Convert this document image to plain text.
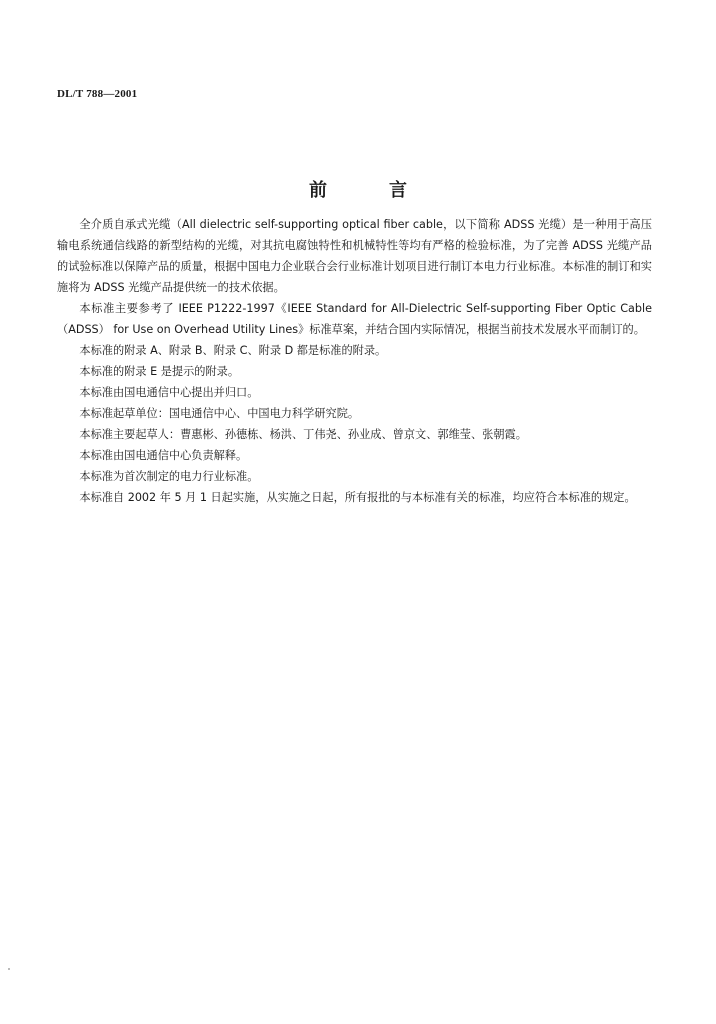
DL/T 788—2001
前	言

全介质自承式光缆（All dielectric self-supporting optical fiber cable，以下简称 ADSS 光缆）是一种用于高压输电系统通信线路的新型结构的光缆，对其抗电腐蚀特性和机械特性等均有严格的检验标准，为了完善 ADSS 光缆产品的试验标准以保障产品的质量，根据中国电力企业联合会行业标准计划项目进行制订本电力行业标准。本标准的制订和实施将为 ADSS 光缆产品提供统一的技术依据。

本标准主要参考了 IEEE P1222-1997《IEEE Standard for All-Dielectric Self-supporting Fiber Optic Cable（ADSS） for Use on Overhead Utility Lines》标准草案，并结合国内实际情况，根据当前技术发展水平而制订的。

本标准的附录 A、附录 B、附录 C、附录 D 都是标准的附录。

本标准的附录 E 是提示的附录。

本标准由国电通信中心提出并归口。

本标准起草单位：国电通信中心、中国电力科学研究院。

本标准主要起草人：曹惠彬、孙德栋、杨洪、丁伟尧、孙业成、曾京文、郭维莹、张朝霞。

本标准由国电通信中心负责解释。

本标准为首次制定的电力行业标准。

本标准自 2002 年 5 月 1 日起实施，从实施之日起，所有报批的与本标准有关的标准，均应符合本标准的规定。
